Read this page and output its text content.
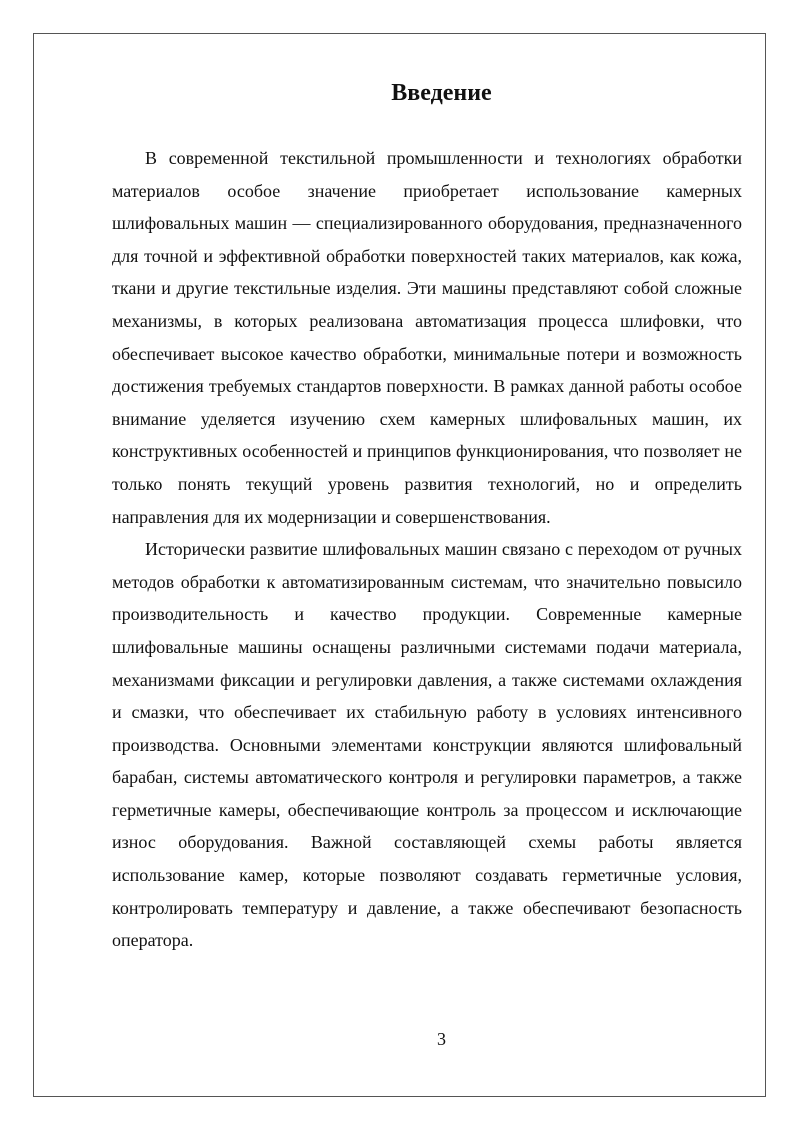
Введение

В современной текстильной промышленности и технологиях обработки материалов особое значение приобретает использование камерных шлифовальных машин — специализированного оборудования, предназначенного для точной и эффективной обработки поверхностей таких материалов, как кожа, ткани и другие текстильные изделия. Эти машины представляют собой сложные механизмы, в которых реализована автоматизация процесса шлифовки, что обеспечивает высокое качество обработки, минимальные потери и возможность достижения требуемых стандартов поверхности. В рамках данной работы особое внимание уделяется изучению схем камерных шлифовальных машин, их конструктивных особенностей и принципов функционирования, что позволяет не только понять текущий уровень развития технологий, но и определить направления для их модернизации и совершенствования.

Исторически развитие шлифовальных машин связано с переходом от ручных методов обработки к автоматизированным системам, что значительно повысило производительность и качество продукции. Современные камерные шлифовальные машины оснащены различными системами подачи материала, механизмами фиксации и регулировки давления, а также системами охлаждения и смазки, что обеспечивает их стабильную работу в условиях интенсивного производства. Основными элементами конструкции являются шлифовальный барабан, системы автоматического контроля и регулировки параметров, а также герметичные камеры, обеспечивающие контроль за процессом и исключающие износ оборудования. Важной составляющей схемы работы является использование камер, которые позволяют создавать герметичные условия, контролировать температуру и давление, а также обеспечивают безопасность оператора.

3
